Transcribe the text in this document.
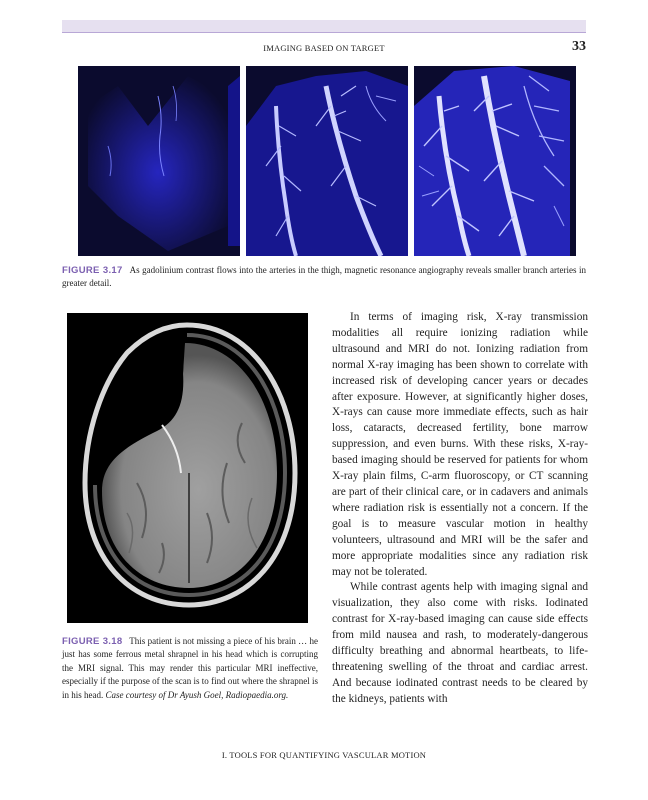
IMAGING BASED ON TARGET	33
FIGURE 3.17 As gadolinium contrast flows into the arteries in the thigh, magnetic resonance angiography reveals smaller branch arteries in greater detail.
FIGURE 3.18 This patient is not missing a piece of his brain … he just has some ferrous metal shrapnel in his head which is corrupting the MRI signal. This may render this particular MRI ineffective, especially if the purpose of the scan is to find out where the shrapnel is in his head. Case courtesy of Dr Ayush Goel, Radiopaedia.org.

In terms of imaging risk, X-ray transmission modalities all require ionizing radiation while ultrasound and MRI do not. Ionizing radiation from normal X-ray imaging has been shown to correlate with increased risk of developing cancer years or decades after exposure. However, at significantly higher doses, X-rays can cause more immediate effects, such as hair loss, cataracts, decreased fertility, bone marrow suppression, and even burns. With these risks, X-ray-based imaging should be reserved for patients for whom X-ray plain films, C-arm fluoroscopy, or CT scanning are part of their clinical care, or in cadavers and animals where radiation risk is essentially not a concern. If the goal is to measure vascular motion in healthy volunteers, ultrasound and MRI will be the safer and more appropriate modalities since any radiation risk may not be tolerated.

While contrast agents help with imaging signal and visualization, they also come with risks. Iodinated contrast for X-ray-based imaging can cause side effects from mild nausea and rash, to moderately-dangerous difficulty breathing and abnormal heartbeats, to life-threatening swelling of the throat and cardiac arrest. And because iodinated contrast needs to be cleared by the kidneys, patients with

I. TOOLS FOR QUANTIFYING VASCULAR MOTION
